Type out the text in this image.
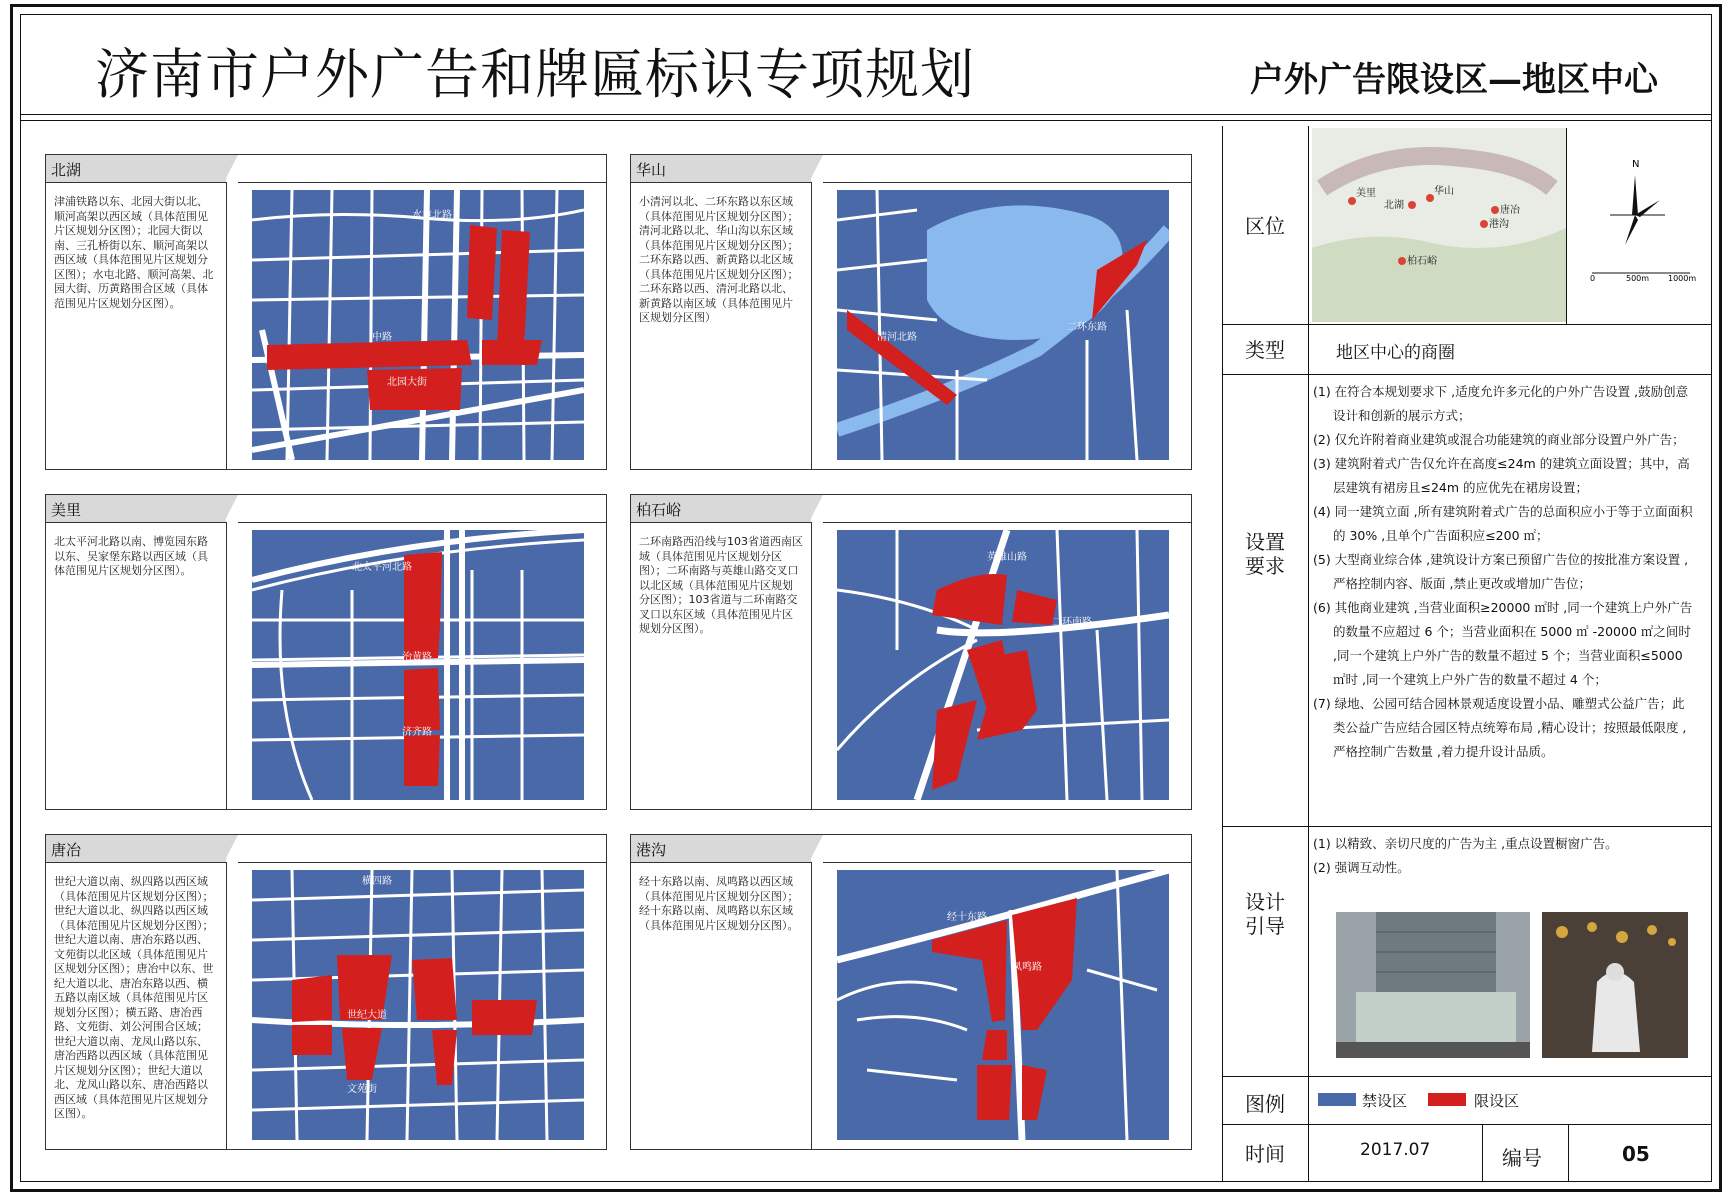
济南市户外广告和牌匾标识专项规划	户外广告限设区—地区中心
北湖
津浦铁路以东、北园大街以北、顺河高架以西区域（具体范围见片区规划分区图）；北园大街以南、三孔桥街以东、顺河高架以西区域（具体范围见片区规划分区图）；水屯北路、顺河高架、北园大街、历黄路围合区域（具体范围见片区规划分区图）。
水屯北路
北园大街
中路
华山
小清河以北、二环东路以东区域（具体范围见片区规划分区图）；清河北路以北、华山沟以东区域（具体范围见片区规划分区图）；二环东路以西、新黄路以北区域（具体范围见片区规划分区图）；二环东路以西、清河北路以北、新黄路以南区域（具体范围见片区规划分区图）
清河北路
二环东路
美里
北太平河北路以南、博览园东路以东、吴家堡东路以西区域（具体范围见片区规划分区图）。	北太平河北路
治黄路
济齐路
柏石峪
二环南路西沿线与103省道西南区域（具体范围见片区规划分区图）；二环南路与英雄山路交叉口以北区域（具体范围见片区规划分区图）；103省道与二环南路交叉口以东区域（具体范围见片区规划分区图）。	二环南路
英雄山路
唐冶
世纪大道以南、纵四路以西区域（具体范围见片区规划分区图）；世纪大道以北、纵四路以西区域（具体范围见片区规划分区图）；世纪大道以南、唐冶东路以西、文苑街以北区域（具体范围见片区规划分区图）；唐冶中以东、世纪大道以北、唐冶东路以西、横五路以南区域（具体范围见片区规划分区图）；横五路、唐冶西路、文苑街、刘公河围合区域；世纪大道以南、龙凤山路以东、唐冶西路以西区域（具体范围见片区规划分区图）；世纪大道以北、龙凤山路以东、唐冶西路以西区域（具体范围见片区规划分区图）。
横四路
世纪大道
文苑街
港沟
经十东路以南、凤鸣路以西区域（具体范围见片区规划分区图）；经十东路以南、凤鸣路以东区域（具体范围见片区规划分区图）。
经十东路
凤鸣路
区位
美里
北湖
华山
唐冶
港沟
柏石峪
N
0	500m 1000m
类型	地区中心的商圈
设置要求

(1) 在符合本规划要求下 ,适度允许多元化的户外广告设置 ,鼓励创意设计和创新的展示方式；

(2) 仅允许附着商业建筑或混合功能建筑的商业部分设置户外广告；

(3) 建筑附着式广告仅允许在高度≤24m 的建筑立面设置；其中，高层建筑有裙房且≤24m 的应优先在裙房设置；

(4) 同一建筑立面 ,所有建筑附着式广告的总面积应小于等于立面面积的 30% ,且单个广告面积应≤200 ㎡；

(5) 大型商业综合体 ,建筑设计方案已预留广告位的按批准方案设置 ,严格控制内容、版面 ,禁止更改或增加广告位；

(6) 其他商业建筑 ,当营业面积≥20000 ㎡时 ,同一个建筑上户外广告的数量不应超过 6 个；当营业面积在 5000 ㎡ -20000 ㎡之间时 ,同一个建筑上户外广告的数量不超过 5 个；当营业面积≤5000 ㎡时 ,同一个建筑上户外广告的数量不超过 4 个；

(7) 绿地、公园可结合园林景观适度设置小品、雕塑式公益广告；此类公益广告应结合园区特点统筹布局 ,精心设计；按照最低限度 ,严格控制广告数量 ,着力提升设计品质。

设计引导

(1) 以精致、亲切尺度的广告为主 ,重点设置橱窗广告。

(2) 强调互动性。

图例	禁设区	限设区
时间	2017.07	编号	05
